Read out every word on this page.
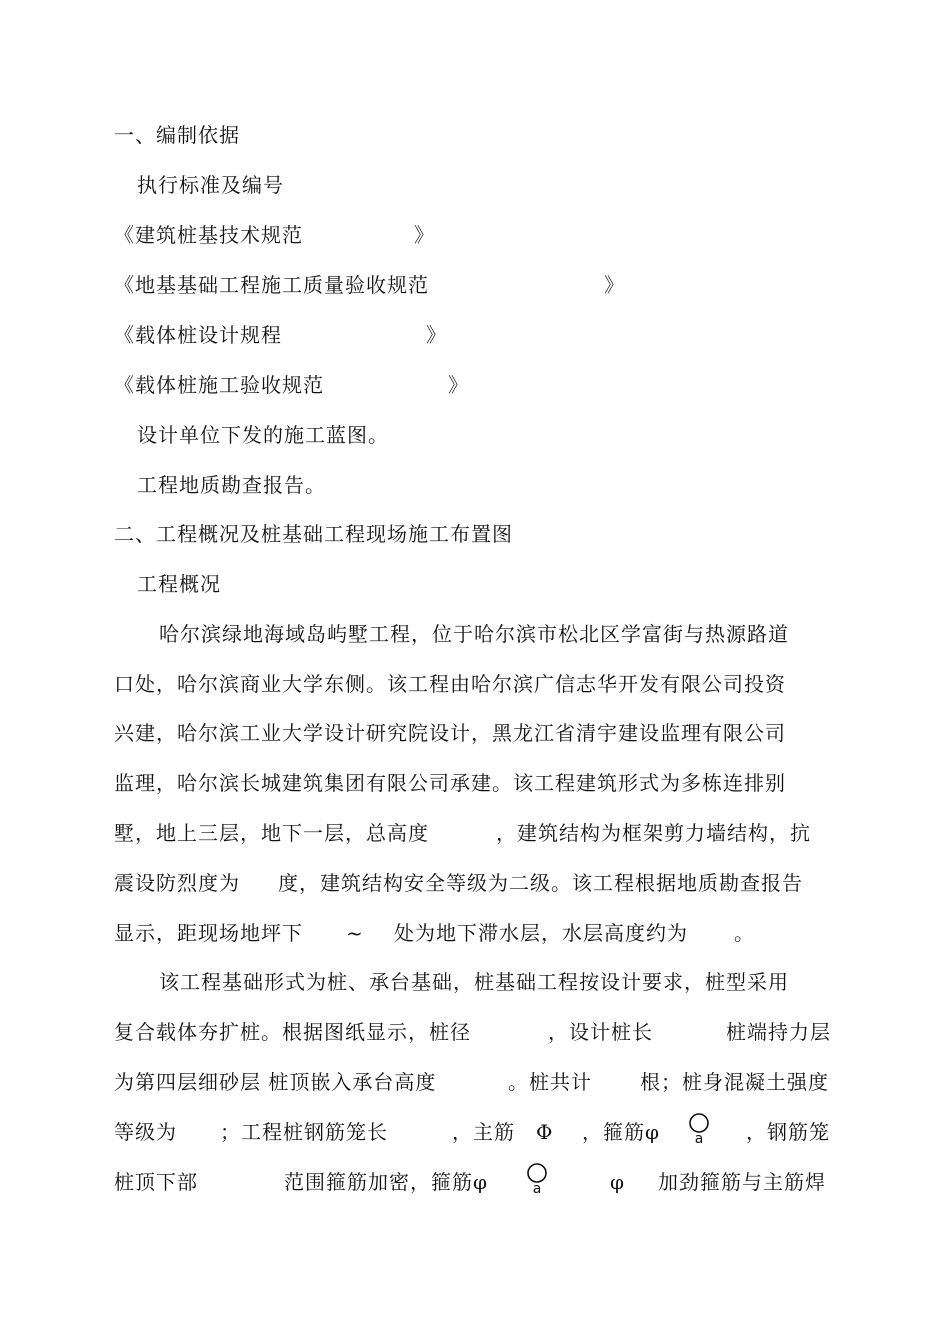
一、编制依据
执行标准及编号
《建筑桩基技术规范	》
《地基基础工程施工质量验收规范	》
《载体桩设计规程	》
《载体桩施工验收规范	》
设计单位下发的施工蓝图。
工程地质勘查报告。
二、工程概况及桩基础工程现场施工布置图
工程概况
哈尔滨绿地海域岛屿墅工程，位于哈尔滨市松北区学富街与热源路道
口处，哈尔滨商业大学东侧。该工程由哈尔滨广信志华开发有限公司投资
兴建，哈尔滨工业大学设计研究院设计，黑龙江省清宇建设监理有限公司
监理，哈尔滨长城建筑集团有限公司承建。该工程建筑形式为多栋连排别
墅，地上三层，地下一层，总高度	，建筑结构为框架剪力墙结构，抗
震设防烈度为 度，建筑结构安全等级为二级。该工程根据地质勘查报告
显示，距现场地坪下 ~ 处为地下滞水层，水层高度约为 。
该工程基础形式为桩、承台基础，桩基础工程按设计要求，桩型采用
复合载体夯扩桩。根据图纸显示，桩径	，设计桩长	桩端持力层
为第四层细砂层 桩顶嵌入承台高度	。桩共计 根；桩身混凝土强度
等级为 ；工程桩钢筋笼长	，主筋 Φ ，箍筋φ a ，钢筋笼
桩顶下部	范围箍筋加密，箍筋φ	a	φ 加劲箍筋与主筋焊
